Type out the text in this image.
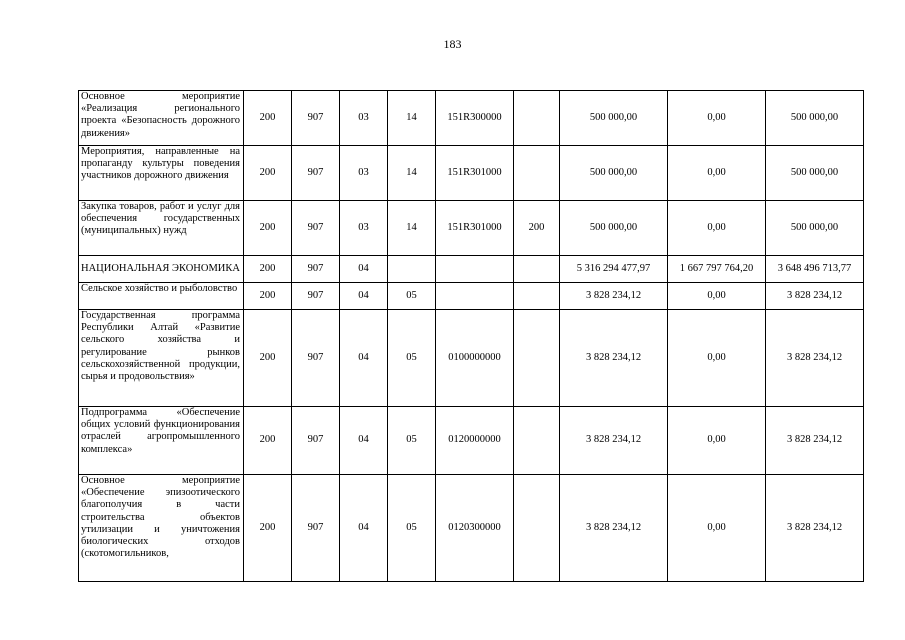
183
Основное мероприятие «Реализация регионального проекта «Безопасность дорожного движения»	200	907	03	14	151R300000		500 000,00	0,00	500 000,00
Мероприятия, направленные на пропаганду культуры поведения участников дорожного движения	200	907	03	14	151R301000		500 000,00	0,00	500 000,00
Закупка товаров, работ и услуг для обеспечения государственных (муниципальных) нужд	200	907	03	14	151R301000	200	500 000,00	0,00	500 000,00
НАЦИОНАЛЬНАЯ ЭКОНОМИКА	200	907	04				5 316 294 477,97	1 667 797 764,20	3 648 496 713,77
Сельское хозяйство и рыболовство	200	907	04	05			3 828 234,12	0,00	3 828 234,12
Государственная программа Республики Алтай «Развитие сельского хозяйства и регулирование рынков сельскохозяйственной продукции, сырья и продовольствия»	200	907	04	05	0100000000		3 828 234,12	0,00	3 828 234,12
Подпрограмма «Обеспечение общих условий функционирования отраслей агропромышленного комплекса»	200	907	04	05	0120000000		3 828 234,12	0,00	3 828 234,12
Основное мероприятие «Обеспечение эпизоотического благополучия в части строительства объектов утилизации и уничтожения биологических отходов (скотомогильников,	200	907	04	05	0120300000		3 828 234,12	0,00	3 828 234,12
